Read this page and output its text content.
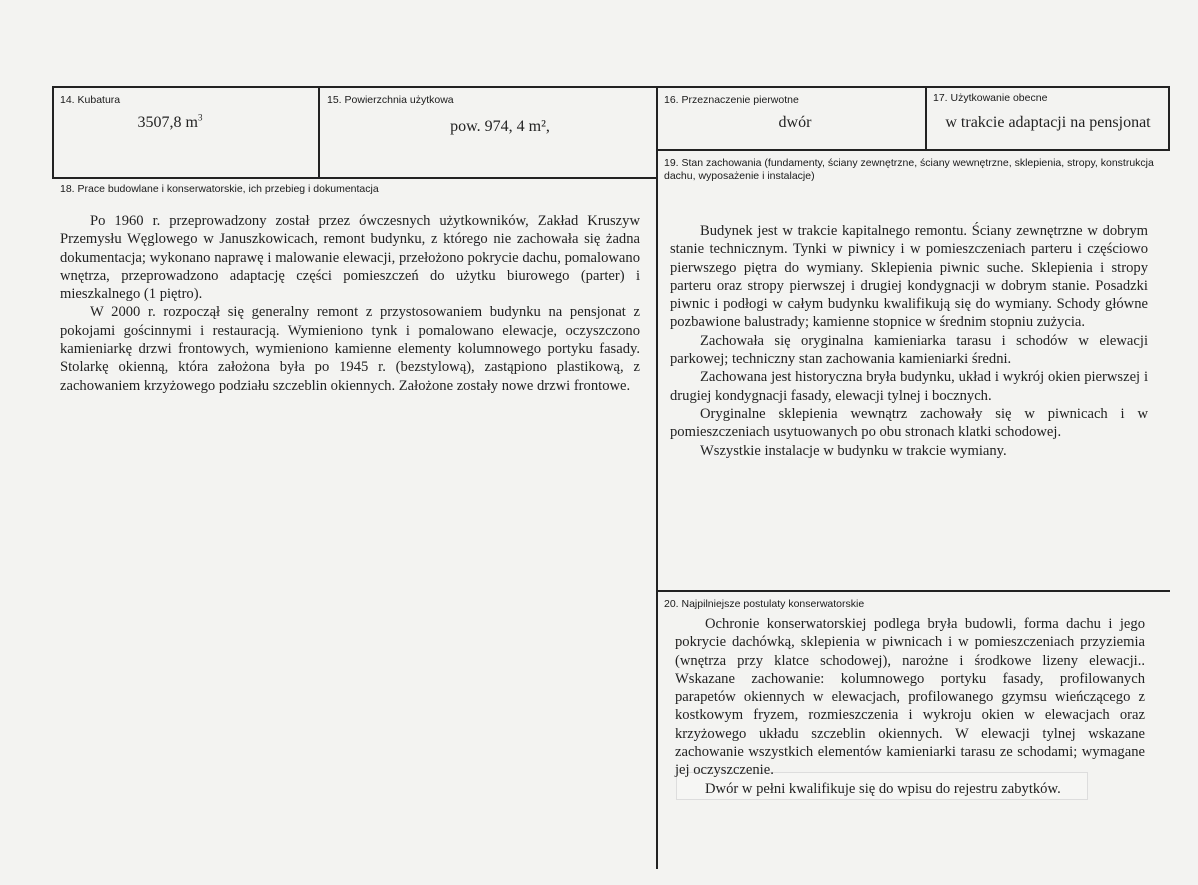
14. Kubatura
3507,8 $m^3$
15. Powierzchnia użytkowa
pow. 974, 4 m²,
16. Przeznaczenie pierwotne
dwór
17. Użytkowanie obecne
w trakcie adaptacji na pensjonat
18. Prace budowlane i konserwatorskie, ich przebieg i dokumentacja

Po 1960 r. przeprowadzony został przez ówczesnych użytkowników, Zakład Kruszyw Przemysłu Węglowego w Januszkowicach, remont budynku, z którego nie zachowała się żadna dokumentacja; wykonano naprawę i malowanie elewacji, przełożono pokrycie dachu, pomalowano wnętrza, przeprowadzono adaptację części pomieszczeń do użytku biurowego (parter) i mieszkalnego (1 piętro).

W 2000 r. rozpoczął się generalny remont z przystosowaniem budynku na pensjonat z pokojami gościnnymi i restauracją. Wymieniono tynk i pomalowano elewacje, oczyszczono kamieniarkę drzwi frontowych, wymieniono kamienne elementy kolumnowego portyku fasady. Stolarkę okienną, która założona była po 1945 r. (bezstylową), zastąpiono plastikową, z zachowaniem krzyżowego podziału szczeblin okiennych. Założone zostały nowe drzwi frontowe.

19. Stan zachowania (fundamenty, ściany zewnętrzne, ściany wewnętrzne, sklepienia, stropy, konstrukcja dachu, wyposażenie i instalacje)

Budynek jest w trakcie kapitalnego remontu. Ściany zewnętrzne w dobrym stanie technicznym. Tynki w piwnicy i w pomieszczeniach parteru i częściowo pierwszego piętra do wymiany. Sklepienia piwnic suche. Sklepienia i stropy parteru oraz stropy pierwszej i drugiej kondygnacji w dobrym stanie. Posadzki piwnic i podłogi w całym budynku kwalifikują się do wymiany. Schody główne pozbawione balustrady; kamienne stopnice w średnim stopniu zużycia.

Zachowała się oryginalna kamieniarka tarasu i schodów w elewacji parkowej; techniczny stan zachowania kamieniarki średni.

Zachowana jest historyczna bryła budynku, układ i wykrój okien pierwszej i drugiej kondygnacji fasady, elewacji tylnej i bocznych.

Oryginalne sklepienia wewnątrz zachowały się w piwnicach i w pomieszczeniach usytuowanych po obu stronach klatki schodowej.

Wszystkie instalacje w budynku w trakcie wymiany.

20. Najpilniejsze postulaty konserwatorskie

Ochronie konserwatorskiej podlega bryła budowli, forma dachu i jego pokrycie dachówką, sklepienia w piwnicach i w pomieszczeniach przyziemia (wnętrza przy klatce schodowej), narożne i środkowe lizeny elewacji.. Wskazane zachowanie: kolumnowego portyku fasady, profilowanych parapetów okiennych w elewacjach, profilowanego gzymsu wieńczącego z kostkowym fryzem, rozmieszczenia i wykroju okien w elewacjach oraz krzyżowego układu szczeblin okiennych. W elewacji tylnej wskazane zachowanie wszystkich elementów kamieniarki tarasu ze schodami; wymagane jej oczyszczenie.

Dwór w pełni kwalifikuje się do wpisu do rejestru zabytków.
